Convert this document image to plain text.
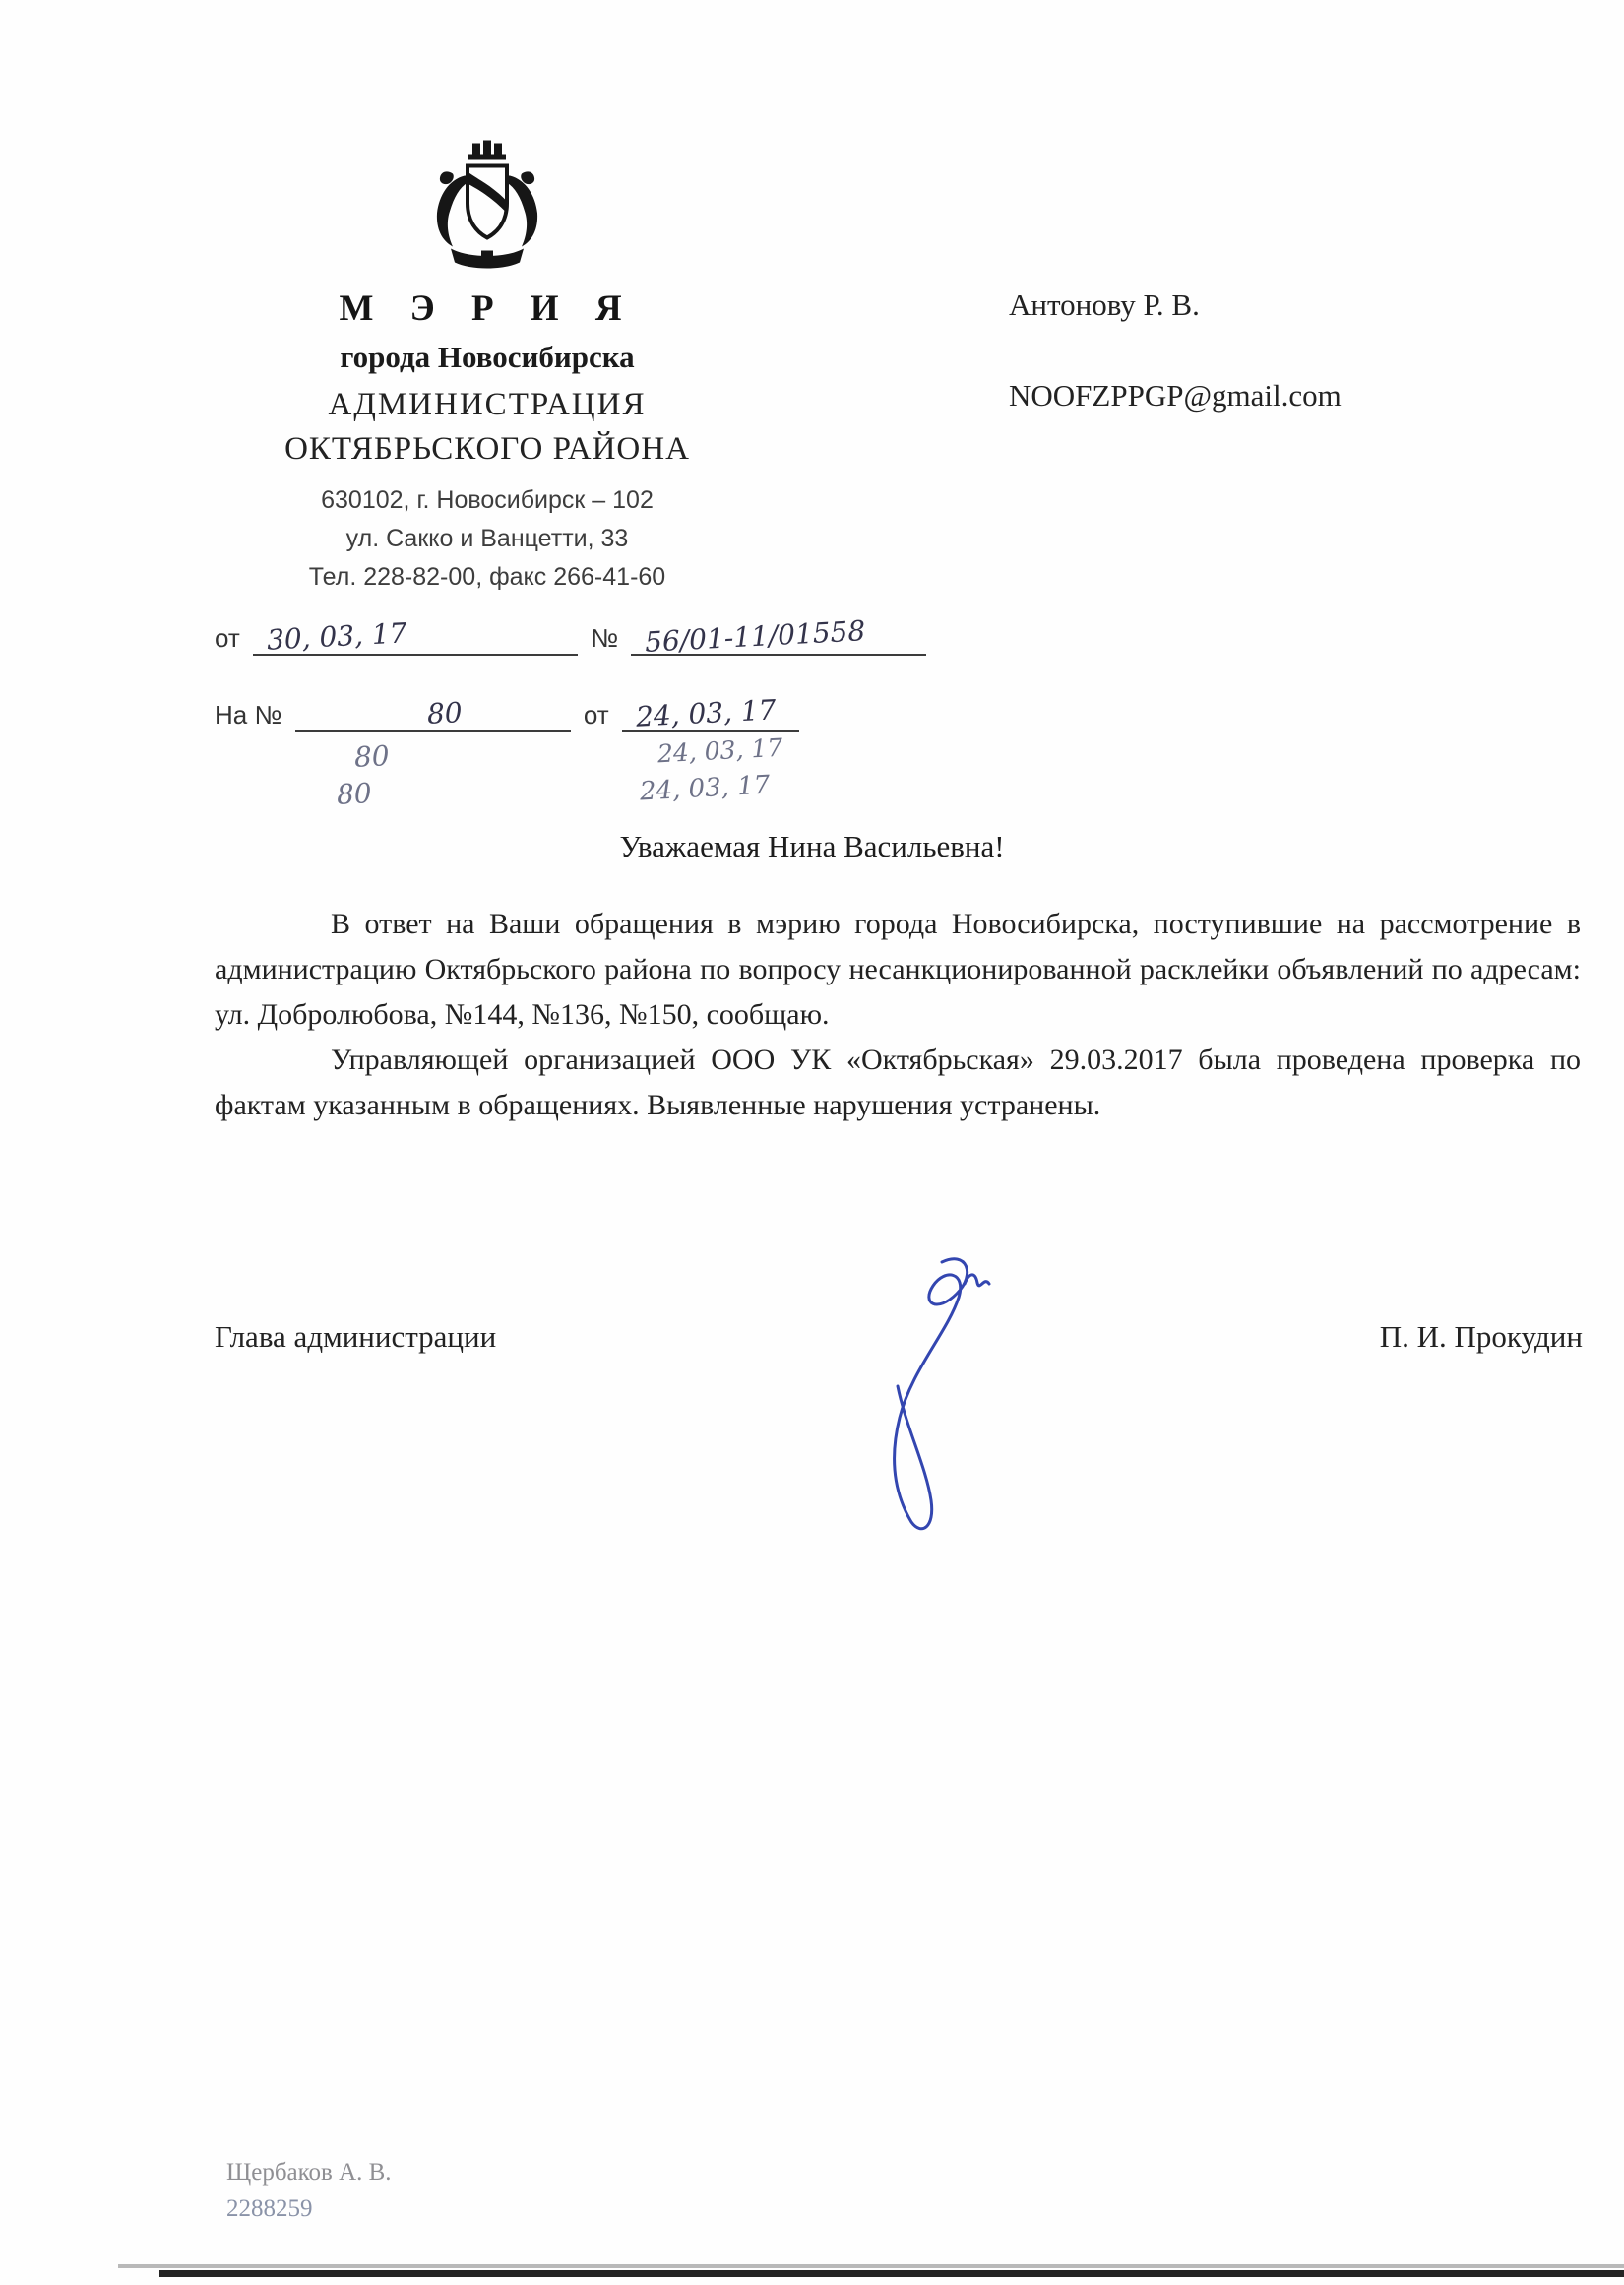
М Э Р И Я
города Новосибирска
АДМИНИСТРАЦИЯ
ОКТЯБРЬСКОГО РАЙОНА
630102, г. Новосибирск – 102
ул. Сакко и Ванцетти, 33
Тел. 228-82-00, факс 266-41-60
Антонову Р. В.
NOOFZPPGP@gmail.com
от 30, 03, 17	№ 56/01-11/01558
На №	80	от 24, 03, 17
80
80
24, 03, 17
24, 03, 17
Уважаемая Нина Васильевна!

В ответ на Ваши обращения в мэрию города Новосибирска, поступившие на рассмотрение в администрацию Октябрьского района по вопросу несанкционированной расклейки объявлений по адресам: ул. Добролюбова, №144, №136, №150, сообщаю.

Управляющей организацией ООО УК «Октябрьская» 29.03.2017 была проведена проверка по фактам указанным в обращениях. Выявленные нарушения устранены.

Глава администрации	П. И. Прокудин
Щербаков А. В.
2288259
